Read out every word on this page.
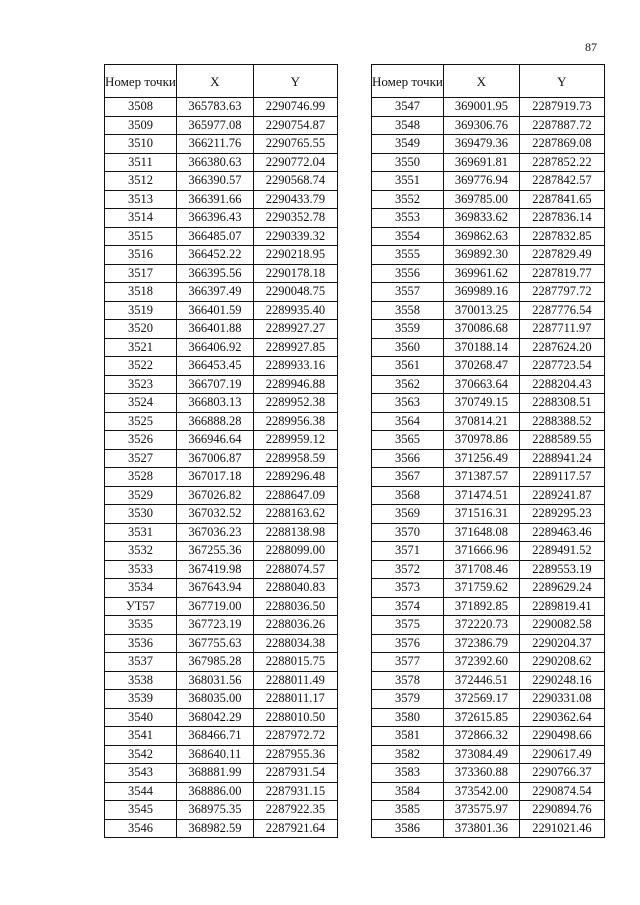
87
Номер точки	X	Y
3508	365783.63	2290746.99
3509	365977.08	2290754.87
3510	366211.76	2290765.55
3511	366380.63	2290772.04
3512	366390.57	2290568.74
3513	366391.66	2290433.79
3514	366396.43	2290352.78
3515	366485.07	2290339.32
3516	366452.22	2290218.95
3517	366395.56	2290178.18
3518	366397.49	2290048.75
3519	366401.59	2289935.40
3520	366401.88	2289927.27
3521	366406.92	2289927.85
3522	366453.45	2289933.16
3523	366707.19	2289946.88
3524	366803.13	2289952.38
3525	366888.28	2289956.38
3526	366946.64	2289959.12
3527	367006.87	2289958.59
3528	367017.18	2289296.48
3529	367026.82	2288647.09
3530	367032.52	2288163.62
3531	367036.23	2288138.98
3532	367255.36	2288099.00
3533	367419.98	2288074.57
3534	367643.94	2288040.83
УТ57	367719.00	2288036.50
3535	367723.19	2288036.26
3536	367755.63	2288034.38
3537	367985.28	2288015.75
3538	368031.56	2288011.49
3539	368035.00	2288011.17
3540	368042.29	2288010.50
3541	368466.71	2287972.72
3542	368640.11	2287955.36
3543	368881.99	2287931.54
3544	368886.00	2287931.15
3545	368975.35	2287922.35
3546	368982.59	2287921.64
Номер точки	X	Y
3547	369001.95	2287919.73
3548	369306.76	2287887.72
3549	369479.36	2287869.08
3550	369691.81	2287852.22
3551	369776.94	2287842.57
3552	369785.00	2287841.65
3553	369833.62	2287836.14
3554	369862.63	2287832.85
3555	369892.30	2287829.49
3556	369961.62	2287819.77
3557	369989.16	2287797.72
3558	370013.25	2287776.54
3559	370086.68	2287711.97
3560	370188.14	2287624.20
3561	370268.47	2287723.54
3562	370663.64	2288204.43
3563	370749.15	2288308.51
3564	370814.21	2288388.52
3565	370978.86	2288589.55
3566	371256.49	2288941.24
3567	371387.57	2289117.57
3568	371474.51	2289241.87
3569	371516.31	2289295.23
3570	371648.08	2289463.46
3571	371666.96	2289491.52
3572	371708.46	2289553.19
3573	371759.62	2289629.24
3574	371892.85	2289819.41
3575	372220.73	2290082.58
3576	372386.79	2290204.37
3577	372392.60	2290208.62
3578	372446.51	2290248.16
3579	372569.17	2290331.08
3580	372615.85	2290362.64
3581	372866.32	2290498.66
3582	373084.49	2290617.49
3583	373360.88	2290766.37
3584	373542.00	2290874.54
3585	373575.97	2290894.76
3586	373801.36	2291021.46
